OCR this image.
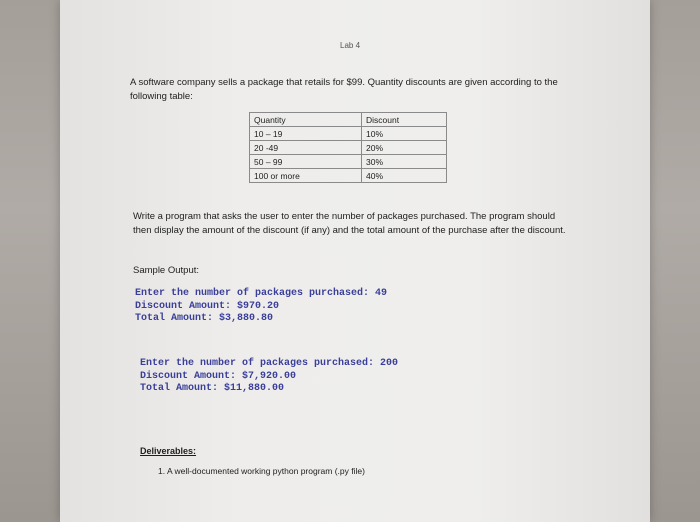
Lab 4
A software company sells a package that retails for $99. Quantity discounts are given according to the following table:
Quantity	Discount
10 – 19	10%
20 -49	20%
50 – 99	30%
100 or more	40%
Write a program that asks the user to enter the number of packages purchased. The program should then display the amount of the discount (if any) and the total amount of the purchase after the discount.
Sample Output:
Enter the number of packages purchased: 49
Discount Amount: $970.20
Total Amount: $3,880.80
Enter the number of packages purchased: 200
Discount Amount: $7,920.00
Total Amount: $11,880.00
Deliverables:
1. A well-documented working python program (.py file)
